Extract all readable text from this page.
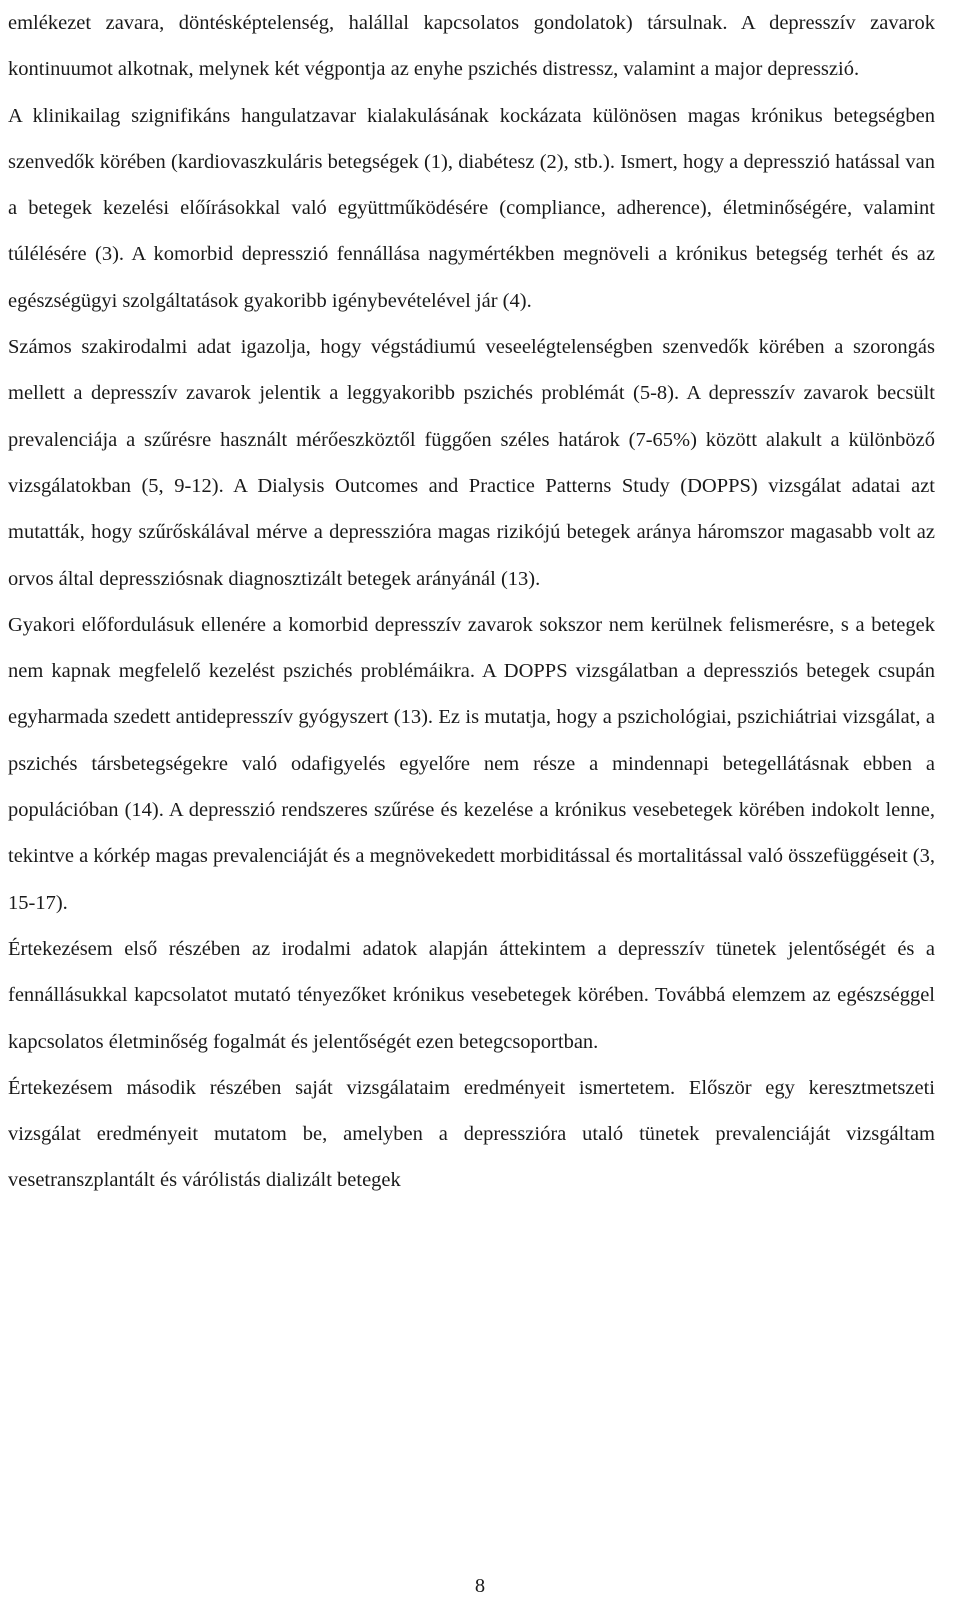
emlékezet zavara, döntésképtelenség, halállal kapcsolatos gondolatok) társulnak. A depresszív zavarok kontinuumot alkotnak, melynek két végpontja az enyhe pszichés distressz, valamint a major depresszió.

A klinikailag szignifikáns hangulatzavar kialakulásának kockázata különösen magas krónikus betegségben szenvedők körében (kardiovaszkuláris betegségek (1), diabétesz (2), stb.). Ismert, hogy a depresszió hatással van a betegek kezelési előírásokkal való együttműködésére (compliance, adherence), életminőségére, valamint túlélésére (3). A komorbid depresszió fennállása nagymértékben megnöveli a krónikus betegség terhét és az egészségügyi szolgáltatások gyakoribb igénybevételével jár (4).

Számos szakirodalmi adat igazolja, hogy végstádiumú veseelégtelenségben szenvedők körében a szorongás mellett a depresszív zavarok jelentik a leggyakoribb pszichés problémát (5-8). A depresszív zavarok becsült prevalenciája a szűrésre használt mérőeszköztől függően széles határok (7-65%) között alakult a különböző vizsgálatokban (5, 9-12). A Dialysis Outcomes and Practice Patterns Study (DOPPS) vizsgálat adatai azt mutatták, hogy szűrőskálával mérve a depresszióra magas rizikójú betegek aránya háromszor magasabb volt az orvos által depressziósnak diagnosztizált betegek arányánál (13).

Gyakori előfordulásuk ellenére a komorbid depresszív zavarok sokszor nem kerülnek felismerésre, s a betegek nem kapnak megfelelő kezelést pszichés problémáikra. A DOPPS vizsgálatban a depressziós betegek csupán egyharmada szedett antidepresszív gyógyszert (13). Ez is mutatja, hogy a pszichológiai, pszichiátriai vizsgálat, a pszichés társbetegségekre való odafigyelés egyelőre nem része a mindennapi betegellátásnak ebben a populációban (14). A depresszió rendszeres szűrése és kezelése a krónikus vesebetegek körében indokolt lenne, tekintve a kórkép magas prevalenciáját és a megnövekedett morbiditással és mortalitással való összefüggéseit (3, 15-17).

Értekezésem első részében az irodalmi adatok alapján áttekintem a depresszív tünetek jelentőségét és a fennállásukkal kapcsolatot mutató tényezőket krónikus vesebetegek körében. Továbbá elemzem az egészséggel kapcsolatos életminőség fogalmát és jelentőségét ezen betegcsoportban.

Értekezésem második részében saját vizsgálataim eredményeit ismertetem. Először egy keresztmetszeti vizsgálat eredményeit mutatom be, amelyben a depresszióra utaló tünetek prevalenciáját vizsgáltam vesetranszplantált és várólistás dializált betegek

8
